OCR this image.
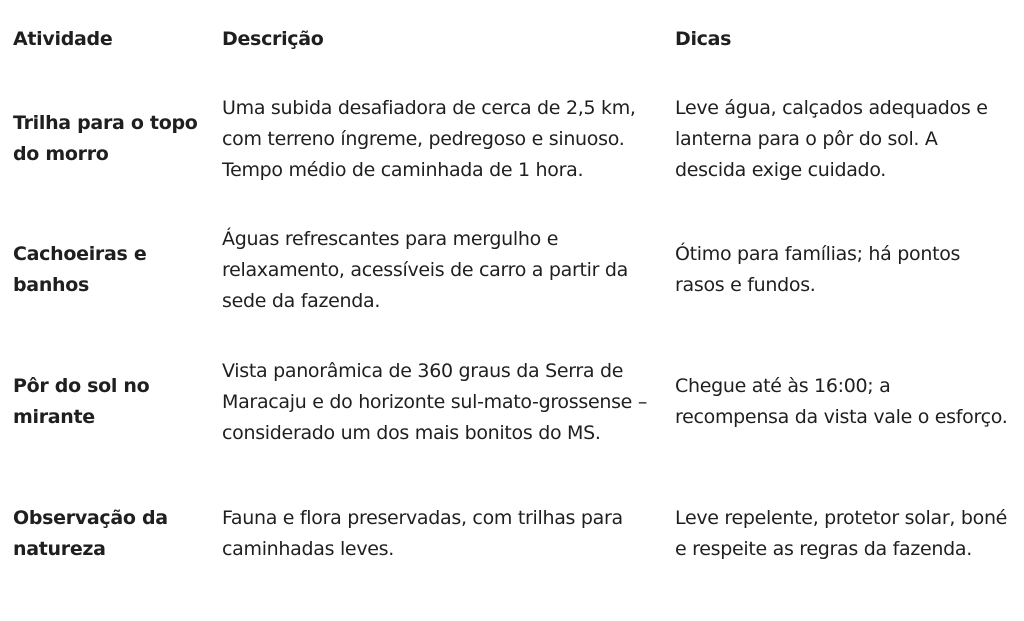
Atividade	Descrição	Dicas
Trilha para o topo do morro
Uma subida desafiadora de cerca de 2,5 km, com terreno íngreme, pedregoso e sinuoso. Tempo médio de caminhada de 1 hora.
Leve água, calçados adequados e lanterna para o pôr do sol. A descida exige cuidado.
Cachoeiras e banhos
Águas refrescantes para mergulho e relaxamento, acessíveis de carro a partir da sede da fazenda.
Ótimo para famílias; há pontos rasos e fundos.
Pôr do sol no mirante
Vista panorâmica de 360 graus da Serra de Maracaju e do horizonte sul-mato-grossense – considerado um dos mais bonitos do MS.
Chegue até às 16:00; a recompensa da vista vale o esforço.
Observação da natureza
Fauna e flora preservadas, com trilhas para caminhadas leves.
Leve repelente, protetor solar, boné e respeite as regras da fazenda.
